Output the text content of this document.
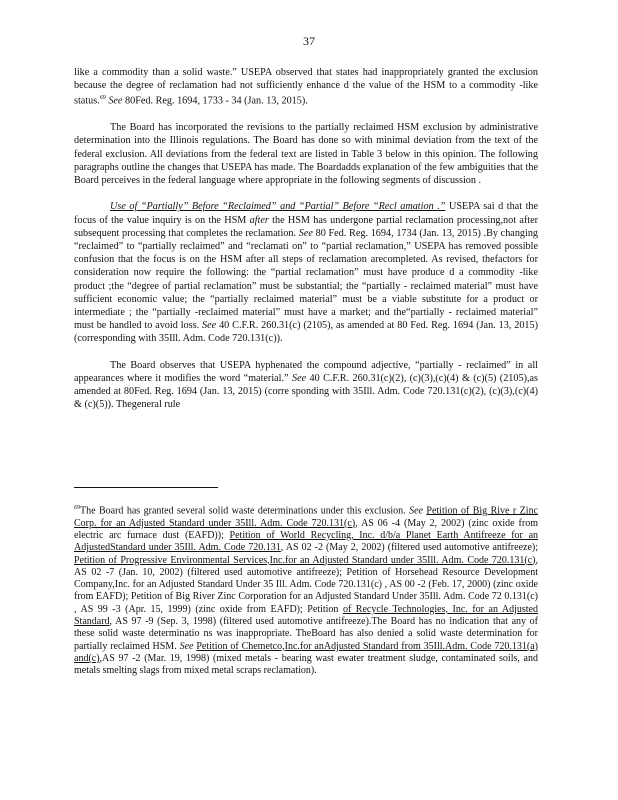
37

like a commodity than a solid waste.” USEPA observed that states had inappropriately granted the exclusion because the degree of reclamation had not sufficiently enhance d the value of the HSM to a commodity -like status.$^{69}$ See 80Fed. Reg. 1694, 1733 - 34 (Jan. 13, 2015).

The Board has incorporated the revisions to the partially reclaimed HSM exclusion by administrative determination into the Illinois regulations. The Board has done so with minimal deviation from the text of the federal exclusion. All deviations from the federal text are listed in Table 3 below in this opinion. The following paragraphs outline the changes that USEPA has made. The Boardadds explanation of the few ambiguities that the Board perceives in the federal language where appropriate in the following segments of discussion .

Use of “Partially” Before “Reclaimed” and “Partial” Before “Recl amation .” USEPA sai d that the focus of the value inquiry is on the HSM after the HSM has undergone partial reclamation processing,not after subsequent processing that completes the reclamation. See 80 Fed. Reg. 1694, 1734 (Jan. 13, 2015) .By changing “reclaimed” to “partially reclaimed” and “reclamati on” to “partial reclamation,” USEPA has removed possible confusion that the focus is on the HSM after all steps of reclamation arecompleted. As revised, thefactors for consideration now require the following: the “partial reclamation” must have produce d a commodity -like product ;the “degree of partial reclamation” must be substantial; the “partially - reclaimed material” must have sufficient economic value; the “partially reclaimed material” must be a viable substitute for a product or intermediate ; the “partially -reclaimed material” must have a market; and the“partially - reclaimed material” must be handled to avoid loss. See 40 C.F.R. 260.31(c) (2105), as amended at 80 Fed. Reg. 1694 (Jan. 13, 2015) (corresponding with 35Ill. Adm. Code 720.131(c)).

The Board observes that USEPA hyphenated the compound adjective, “partially - reclaimed” in all appearances where it modifies the word “material.” See 40 C.F.R. 260.31(c)(2), (c)(3),(c)(4) & (c)(5) (2105),as amended at 80Fed. Reg. 1694 (Jan. 13, 2015) (corre sponding with 35Ill. Adm. Code 720.131(c)(2), (c)(3),(c)(4) & (c)(5)). Thegeneral rule

$^{69}$The Board has granted several solid waste determinations under this exclusion. See Petition of Big Rive r Zinc Corp. for an Adjusted Standard under 35Ill. Adm. Code 720.131(c), AS 06 -4 (May 2, 2002) (zinc oxide from electric arc furnace dust (EAFD)); Petition of World Recycling, Inc. d/b/a Planet Earth Antifreeze for an AdjustedStandard under 35Ill. Adm. Code 720.131, AS 02 -2 (May 2, 2002) (filtered used automotive antifreeze); Petition of Progressive Environmental Services,Inc.for an Adjusted Standard under 35Ill. Adm. Code 720.131(c), AS 02 -7 (Jan. 10, 2002) (filtered used automotive antifreeze); Petition of Horsehead Resource Development Company,Inc. for an Adjusted Standard Under 35 Ill. Adm. Code 720.131(c) , AS 00 -2 (Feb. 17, 2000) (zinc oxide from EAFD); Petition of Big River Zinc Corporation for an Adjusted Standard Under 35Ill. Adm. Code 72 0.131(c) , AS 99 -3 (Apr. 15, 1999) (zinc oxide from EAFD); Petition of Recycle Technologies, Inc. for an Adjusted Standard, AS 97 -9 (Sep. 3, 1998) (filtered used automotive antifreeze).The Board has no indication that any of these solid waste determinatio ns was inappropriate. TheBoard has also denied a solid waste determination for partially reclaimed HSM. See Petition of Chemetco,Inc.for anAdjusted Standard from 35Ill.Adm. Code 720.131(a) and(c),AS 97 -2 (Mar. 19, 1998) (mixed metals - bearing wast ewater treatment sludge, contaminated soils, and metals smelting slags from mixed metal scraps reclamation).
